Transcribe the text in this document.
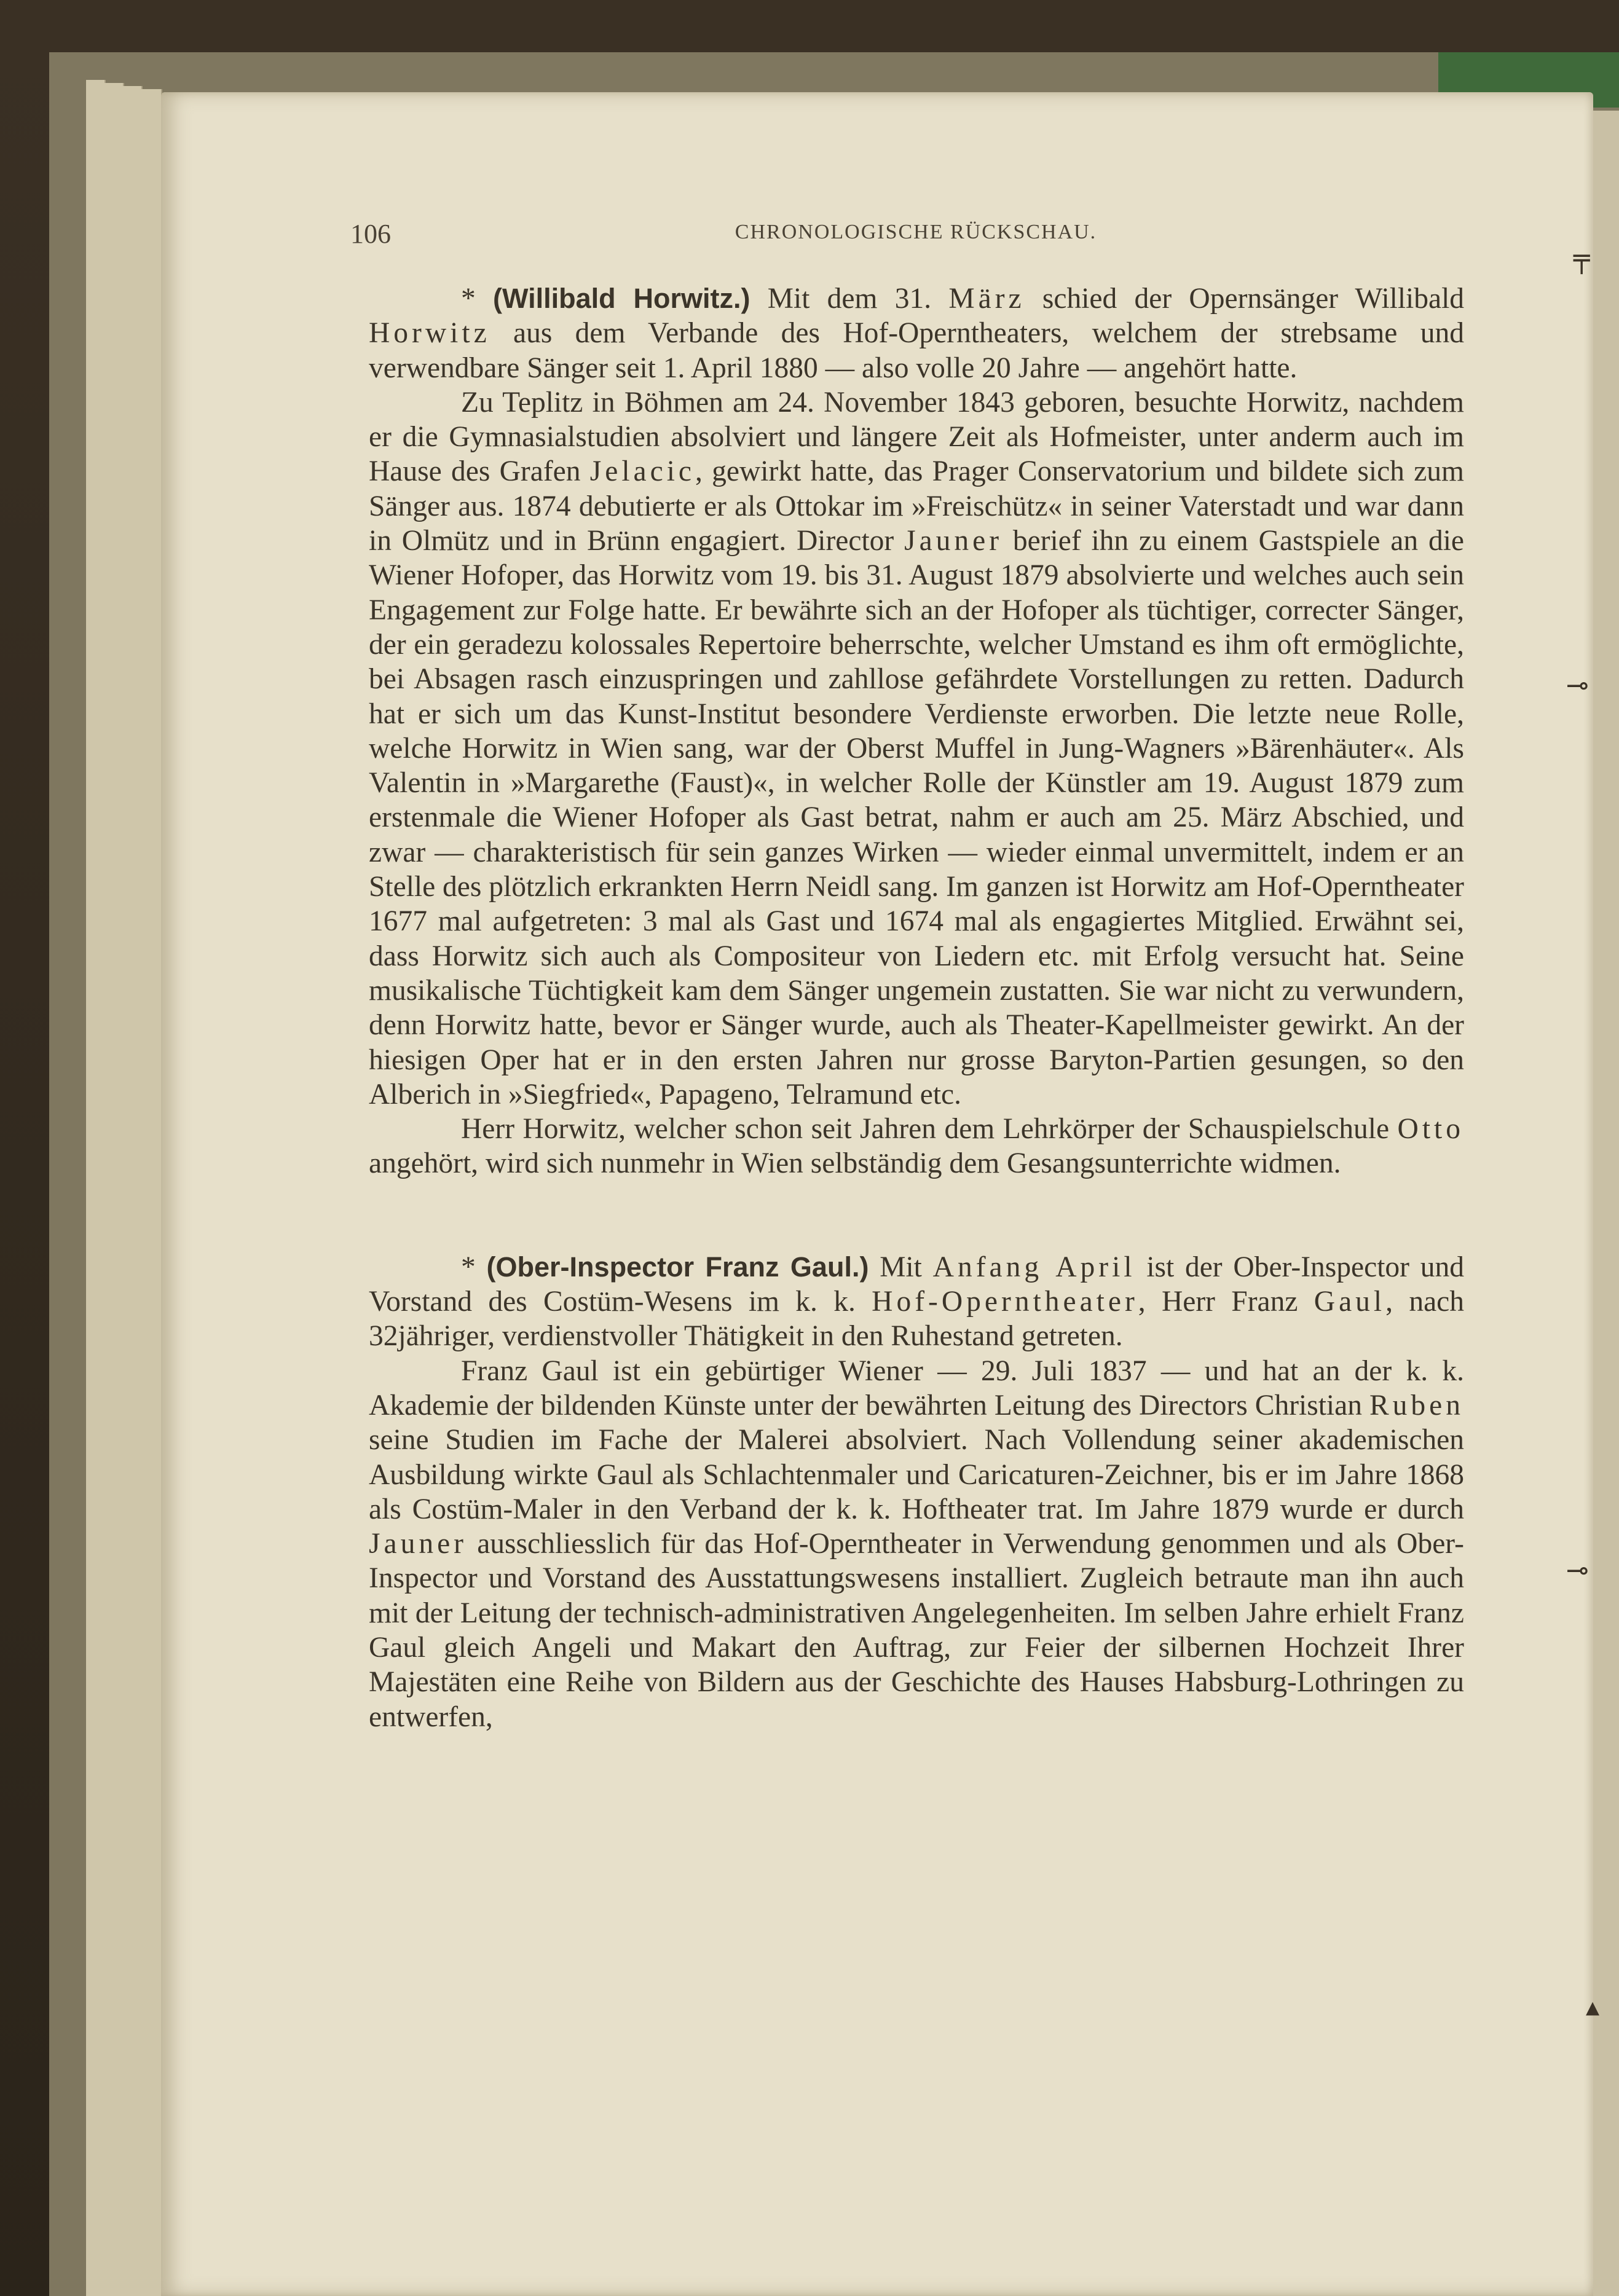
106	CHRONOLOGISCHE RÜCKSCHAU.

* (Willibald Horwitz.) Mit dem 31. März schied der Opernsänger Willibald Horwitz aus dem Verbande des Hof-Operntheaters, welchem der strebsame und verwendbare Sänger seit 1. April 1880 — also volle 20 Jahre — angehört hatte.

Zu Teplitz in Böhmen am 24. November 1843 geboren, besuchte Horwitz, nachdem er die Gymnasialstudien absolviert und längere Zeit als Hofmeister, unter anderm auch im Hause des Grafen Jelacic, gewirkt hatte, das Prager Conservatorium und bildete sich zum Sänger aus. 1874 debutierte er als Ottokar im »Freischütz« in seiner Vaterstadt und war dann in Olmütz und in Brünn engagiert. Director Jauner berief ihn zu einem Gastspiele an die Wiener Hofoper, das Horwitz vom 19. bis 31. August 1879 absolvierte und welches auch sein Engagement zur Folge hatte. Er bewährte sich an der Hofoper als tüchtiger, correcter Sänger, der ein geradezu kolossales Repertoire beherrschte, welcher Umstand es ihm oft ermöglichte, bei Absagen rasch einzuspringen und zahllose gefährdete Vorstellungen zu retten. Dadurch hat er sich um das Kunst-Institut besondere Verdienste erworben. Die letzte neue Rolle, welche Horwitz in Wien sang, war der Oberst Muffel in Jung-Wagners »Bärenhäuter«. Als Valentin in »Margarethe (Faust)«, in welcher Rolle der Künstler am 19. August 1879 zum erstenmale die Wiener Hofoper als Gast betrat, nahm er auch am 25. März Abschied, und zwar — charakteristisch für sein ganzes Wirken — wieder einmal unvermittelt, indem er an Stelle des plötzlich erkrankten Herrn Neidl sang. Im ganzen ist Horwitz am Hof-Operntheater 1677 mal aufgetreten: 3 mal als Gast und 1674 mal als engagiertes Mitglied. Erwähnt sei, dass Horwitz sich auch als Compositeur von Liedern etc. mit Erfolg versucht hat. Seine musikalische Tüchtigkeit kam dem Sänger ungemein zustatten. Sie war nicht zu verwundern, denn Horwitz hatte, bevor er Sänger wurde, auch als Theater-Kapellmeister gewirkt. An der hiesigen Oper hat er in den ersten Jahren nur grosse Baryton-Partien gesungen, so den Alberich in »Siegfried«, Papageno, Telramund etc.

Herr Horwitz, welcher schon seit Jahren dem Lehrkörper der Schauspielschule Otto angehört, wird sich nunmehr in Wien selbständig dem Gesangsunterrichte widmen.

* (Ober-Inspector Franz Gaul.) Mit Anfang April ist der Ober-Inspector und Vorstand des Costüm-Wesens im k. k. Hof-Operntheater, Herr Franz Gaul, nach 32jähriger, verdienstvoller Thätigkeit in den Ruhestand getreten.

Franz Gaul ist ein gebürtiger Wiener — 29. Juli 1837 — und hat an der k. k. Akademie der bildenden Künste unter der bewährten Leitung des Directors Christian Ruben seine Studien im Fache der Malerei absolviert. Nach Vollendung seiner akademischen Ausbildung wirkte Gaul als Schlachtenmaler und Caricaturen-Zeichner, bis er im Jahre 1868 als Costüm-Maler in den Verband der k. k. Hoftheater trat. Im Jahre 1879 wurde er durch Jauner ausschliesslich für das Hof-Operntheater in Verwendung genommen und als Ober-Inspector und Vorstand des Ausstattungswesens installiert. Zugleich betraute man ihn auch mit der Leitung der technisch-administrativen Angelegenheiten. Im selben Jahre erhielt Franz Gaul gleich Angeli und Makart den Auftrag, zur Feier der silbernen Hochzeit Ihrer Majestäten eine Reihe von Bildern aus der Geschichte des Hauses Habsburg-Lothringen zu entwerfen,

╤
⊸
⊸
▴
